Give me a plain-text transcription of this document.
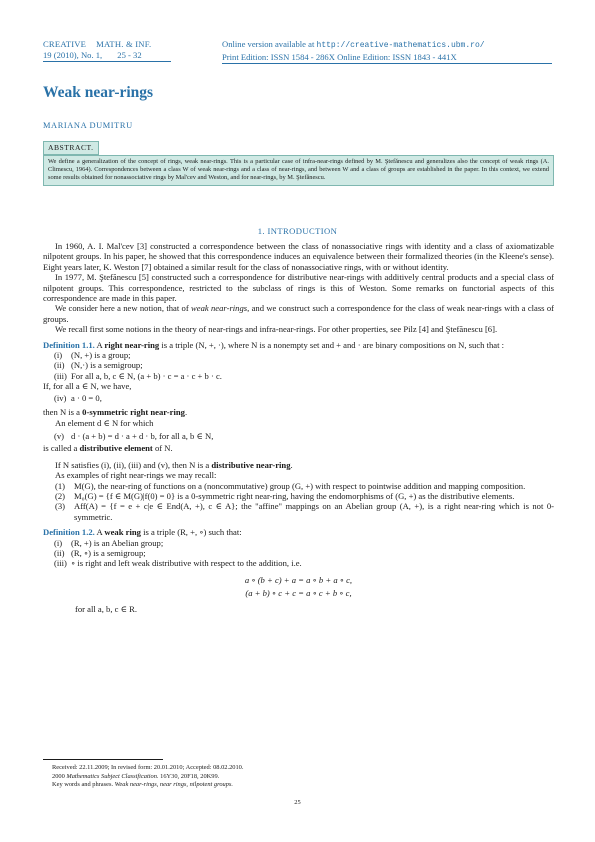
CREATIVE MATH. & INF.
19 (2010), No. 1, 25 - 32
Online version available at http://creative-mathematics.ubm.ro/
Print Edition: ISSN 1584 - 286X Online Edition: ISSN 1843 - 441X
Weak near-rings
MARIANA DUMITRU
ABSTRACT.
We define a generalization of the concept of rings, weak near-rings. This is a particular case of infra-near-rings defined by M. Ştefănescu and generalizes also the concept of weak rings (A. Climescu, 1964). Correspondences between a class W of weak near-rings and a class of near-rings, and between W and a class of groups are established in the paper. In this context, we extend some results obtained for nonassociative rings by Mal'cev and Weston, and for near-rings, by M. Ştefănescu.
1. INTRODUCTION

In 1960, A. I. Mal'cev [3] constructed a correspondence between the class of nonassociative rings with identity and a class of axiomatizable nilpotent groups. In his paper, he showed that this correspondence induces an equivalence between their formalized theories (in the Kleene's sense). Eight years later, K. Weston [7] obtained a similar result for the class of nonassociative rings, with or without identity.

In 1977, M. Ştefănescu [5] constructed such a correspondence for distributive near-rings with additively central products and a special class of nilpotent groups. This correspondence, restricted to the subclass of rings is this of Weston. Some remarks on functorial aspects of this correspondence are made in this paper.

We consider here a new notion, that of weak near-rings, and we construct such a correspondence for the class of weak near-rings with a class of groups.

We recall first some notions in the theory of near-rings and infra-near-rings. For other properties, see Pilz [4] and Ştefănescu [6].

Definition 1.1. A right near-ring is a triple (N, +, ·), where N is a nonempty set and + and · are binary compositions on N, such that :

(i)	(N, +) is a group;

(ii) (N,·) is a semigroup;

(iii) For all a, b, c ∈ N, (a + b) · c = a · c + b · c.

If, for all a ∈ N, we have,

(iv) a · 0 = 0,

then N is a 0-symmetric right near-ring.

An element d ∈ N for which

(v) d · (a + b) = d · a + d · b, for all a, b ∈ N,

is called a distributive element of N.

If N satisfies (i), (ii), (iii) and (v), then N is a distributive near-ring.

As examples of right near-rings we may recall:

(1) M(G), the near-ring of functions on a (noncommutative) group (G, +) with respect to pointwise addition and mapping composition.

(2) M₀(G) = {f ∈ M(G)|f(0) = 0} is a 0-symmetric right near-ring, having the endomorphisms of (G, +) as the distributive elements.

(3) Aff(A) = {f = e + c|e ∈ End(A, +), c ∈ A}; the "affine" mappings on an Abelian group (A, +), is a right near-ring which is not 0-symmetric.

Definition 1.2. A weak ring is a triple (R, +, ∘) such that:

(i)	(R, +) is an Abelian group;

(ii) (R, ∘) is a semigroup;

(iii) ∘ is right and left weak distributive with respect to the addition, i.e.

a ∘ (b + c) + a = a ∘ b + a ∘ c,

(a + b) ∘ c + c = a ∘ c + b ∘ c,

for all a, b, c ∈ R.

Received: 22.11.2009; In revised form: 20.01.2010; Accepted: 08.02.2010.
2000 Mathematics Subject Classification. 16Y30, 20F18, 20K99.
Key words and phrases. Weak near-rings, near rings, nilpotent groups.
25
